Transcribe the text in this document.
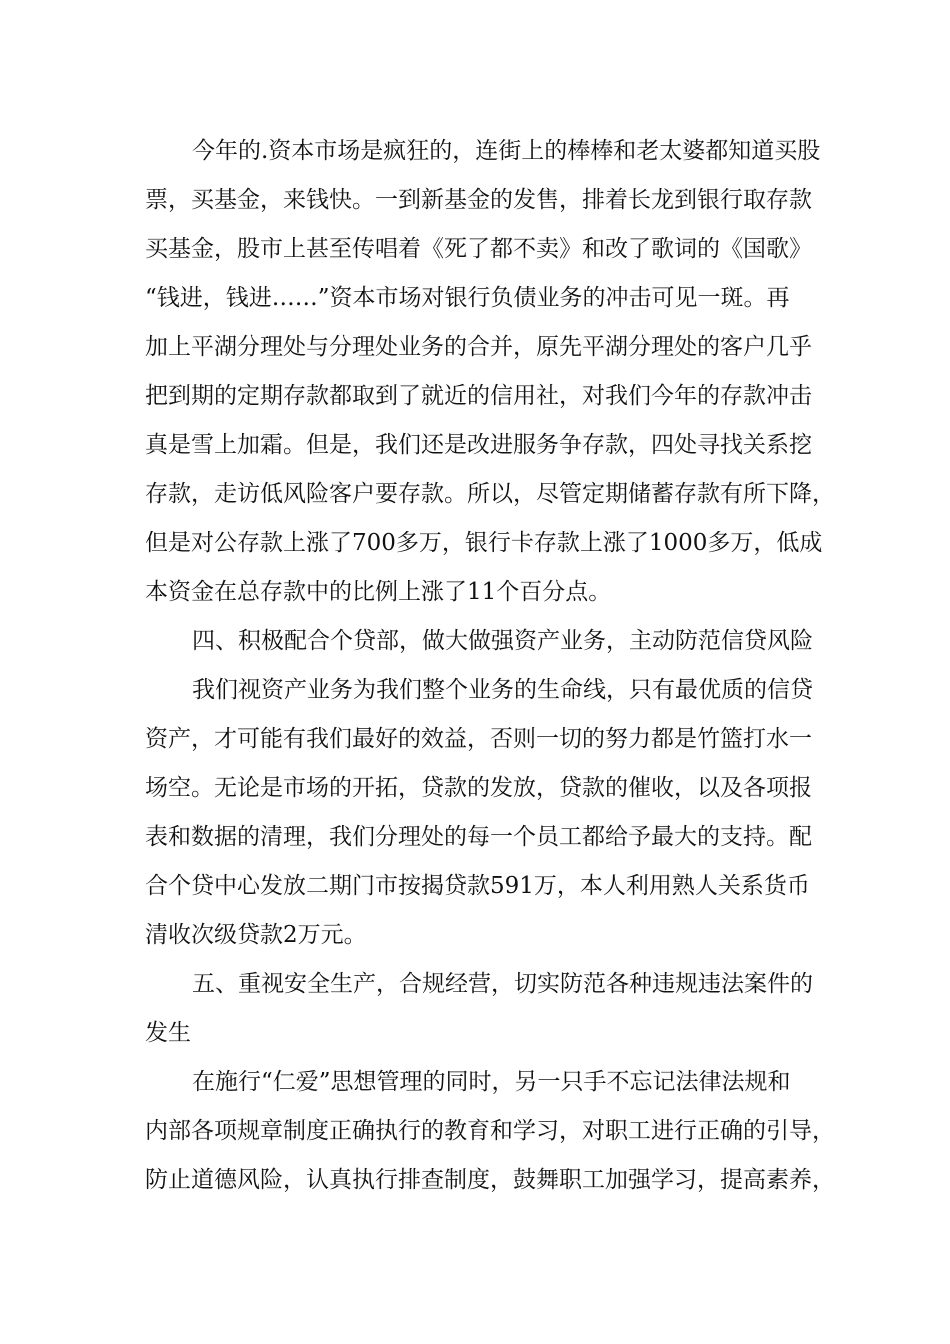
今年的.资本市场是疯狂的，连街上的棒棒和老太婆都知道买股
票，买基金，来钱快。一到新基金的发售，排着长龙到银行取存款
买基金，股市上甚至传唱着《死了都不卖》和改了歌词的《国歌》
“钱进，钱进……”资本市场对银行负债业务的冲击可见一斑。再
加上平湖分理处与分理处业务的合并，原先平湖分理处的客户几乎
把到期的定期存款都取到了就近的信用社，对我们今年的存款冲击
真是雪上加霜。但是，我们还是改进服务争存款，四处寻找关系挖
存款，走访低风险客户要存款。所以，尽管定期储蓄存款有所下降，
但是对公存款上涨了700多万，银行卡存款上涨了1000多万，低成
本资金在总存款中的比例上涨了11个百分点。
四、积极配合个贷部，做大做强资产业务，主动防范信贷风险
我们视资产业务为我们整个业务的生命线，只有最优质的信贷
资产，才可能有我们最好的效益，否则一切的努力都是竹篮打水一
场空。无论是市场的开拓，贷款的发放，贷款的催收，以及各项报
表和数据的清理，我们分理处的每一个员工都给予最大的支持。配
合个贷中心发放二期门市按揭贷款591万，本人利用熟人关系货币
清收次级贷款2万元。
五、重视安全生产，合规经营，切实防范各种违规违法案件的
发生
在施行“仁爱”思想管理的同时，另一只手不忘记法律法规和
内部各项规章制度正确执行的教育和学习，对职工进行正确的引导，
防止道德风险，认真执行排查制度，鼓舞职工加强学习，提高素养，
